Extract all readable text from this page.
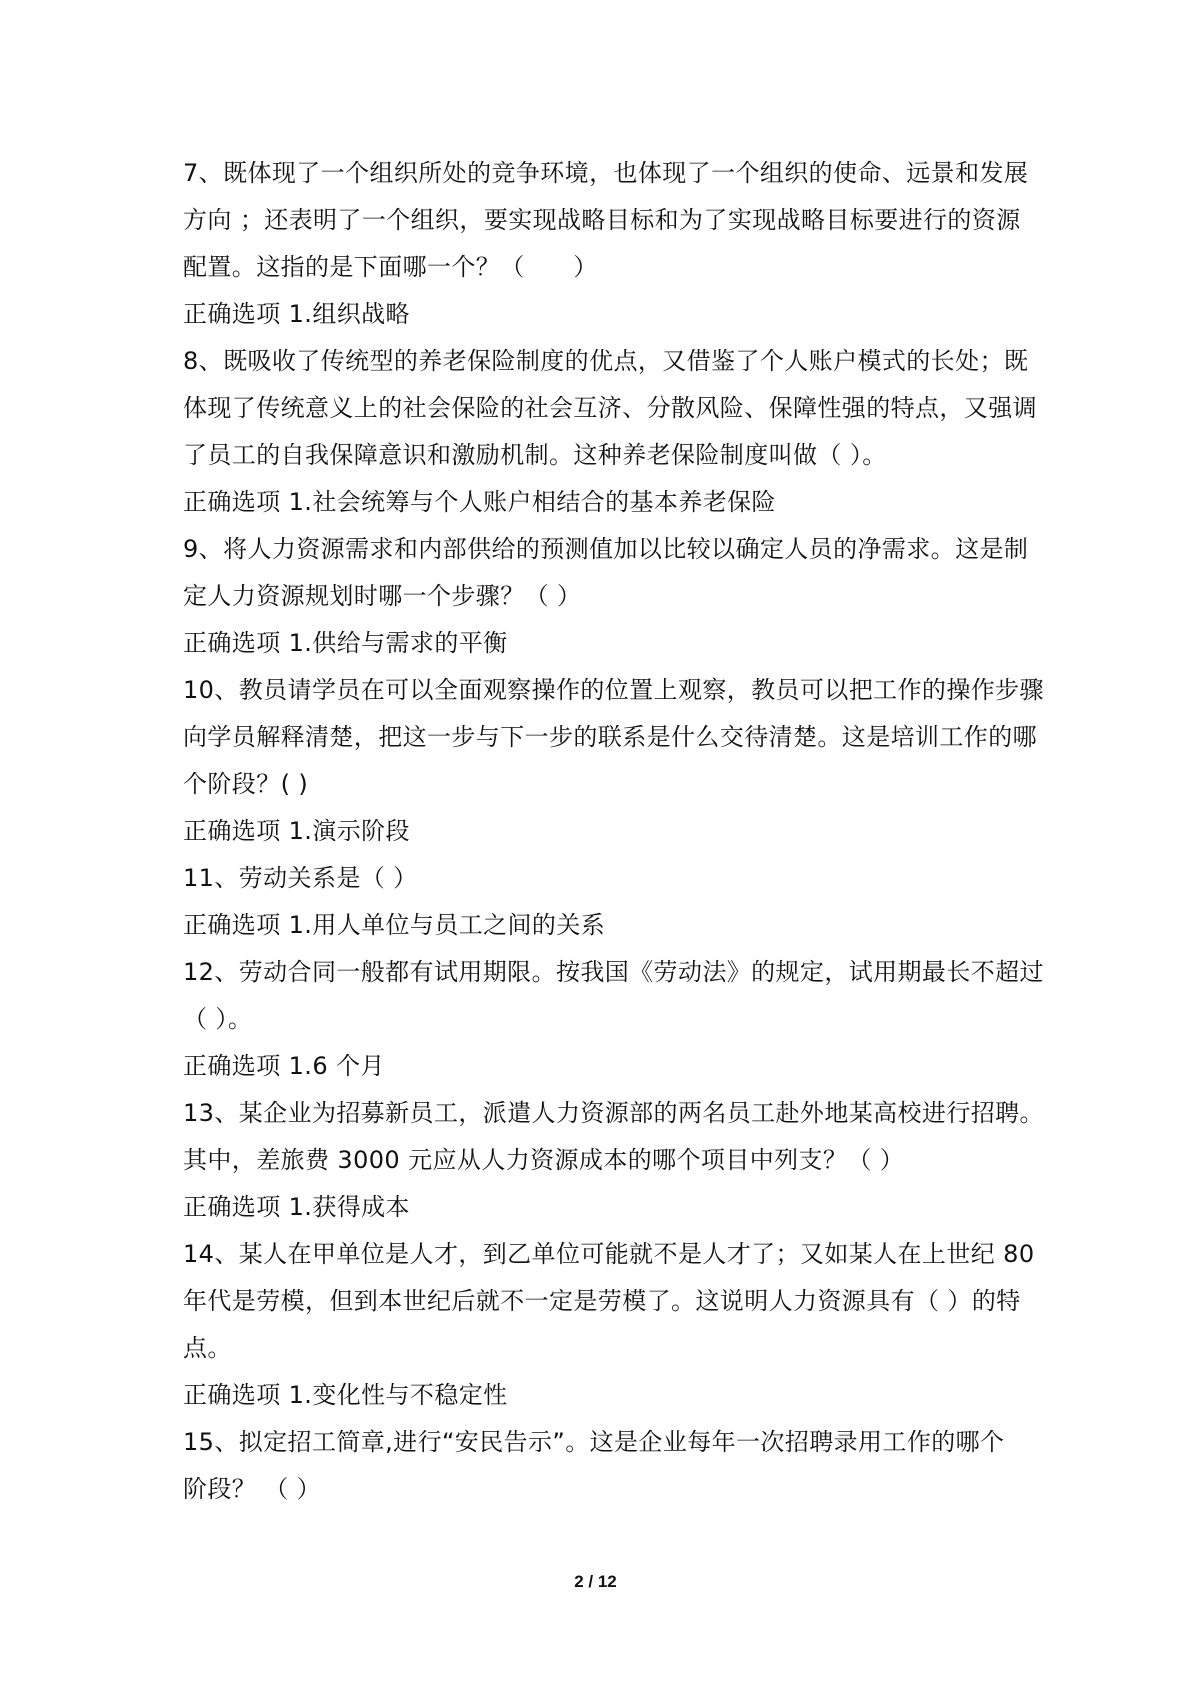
7、既体现了一个组织所处的竞争环境，也体现了一个组织的使命、远景和发展
方向 ；还表明了一个组织，要实现战略目标和为了实现战略目标要进行的资源
配置。这指的是下面哪一个？（　　）
正确选项 1.组织战略
8、既吸收了传统型的养老保险制度的优点，又借鉴了个人账户模式的长处；既
体现了传统意义上的社会保险的社会互济、分散风险、保障性强的特点，又强调
了员工的自我保障意识和激励机制。这种养老保险制度叫做（ ）。
正确选项 1.社会统筹与个人账户相结合的基本养老保险
9、将人力资源需求和内部供给的预测值加以比较以确定人员的净需求。这是制
定人力资源规划时哪一个步骤？（ ）
正确选项 1.供给与需求的平衡
10、教员请学员在可以全面观察操作的位置上观察，教员可以把工作的操作步骤
向学员解释清楚，把这一步与下一步的联系是什么交待清楚。这是培训工作的哪
个阶段？( )
正确选项 1.演示阶段
11、劳动关系是（ ）
正确选项 1.用人单位与员工之间的关系
12、劳动合同一般都有试用期限。按我国《劳动法》的规定，试用期最长不超过
（ ）。
正确选项 1.6 个月
13、某企业为招募新员工，派遣人力资源部的两名员工赴外地某高校进行招聘。
其中，差旅费 3000 元应从人力资源成本的哪个项目中列支？（ ）
正确选项 1.获得成本
14、某人在甲单位是人才，到乙单位可能就不是人才了；又如某人在上世纪 80
年代是劳模，但到本世纪后就不一定是劳模了。这说明人力资源具有（ ）的特
点。
正确选项 1.变化性与不稳定性
15、拟定招工简章,进行“安民告示”。这是企业每年一次招聘录用工作的哪个
阶段？ （ ）
2 / 12
